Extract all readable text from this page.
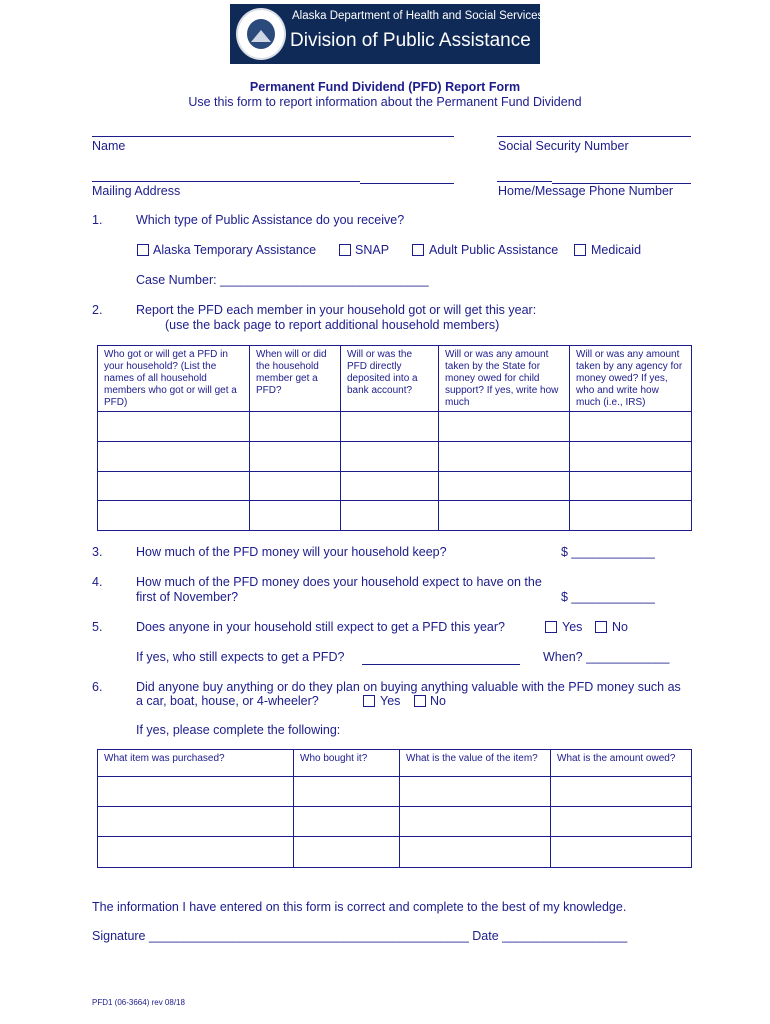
Alaska Department of Health and Social Services
Division of Public Assistance
Permanent Fund Dividend (PFD) Report Form
Use this form to report information about the Permanent Fund Dividend
Name	Social Security Number
Mailing Address	Home/Message Phone Number
1.	Which type of Public Assistance do you receive?
Alaska Temporary Assistance	SNAP	Adult Public Assistance	Medicaid
Case Number: ______________________________
2.	Report the PFD each member in your household got or will get this year:
(use the back page to report additional household members)
Who got or will get a PFD in your household? (List the names of all household members who got or will get a PFD)	When will or did the household member get a PFD?	Will or was the PFD directly deposited into a bank account?	Will or was any amount taken by the State for money owed for child support? If yes, write how much	Will or was any amount taken by any agency for money owed? If yes, who and write how much (i.e., IRS)

3.	How much of the PFD money will your household keep?	$ ____________
4.	How much of the PFD money does your household expect to have on the
first of November?	$ ____________
5.	Does anyone in your household still expect to get a PFD this year?	Yes No
If yes, who still expects to get a PFD?	When? ____________
6.	Did anyone buy anything or do they plan on buying anything valuable with the PFD money such as
a car, boat, house, or 4-wheeler?	Yes No
If yes, please complete the following:
What item was purchased?	Who bought it?	What is the value of the item?	What is the amount owed?

The information I have entered on this form is correct and complete to the best of my knowledge.
Signature ______________________________________________ Date __________________
PFD1 (06-3664) rev 08/18
